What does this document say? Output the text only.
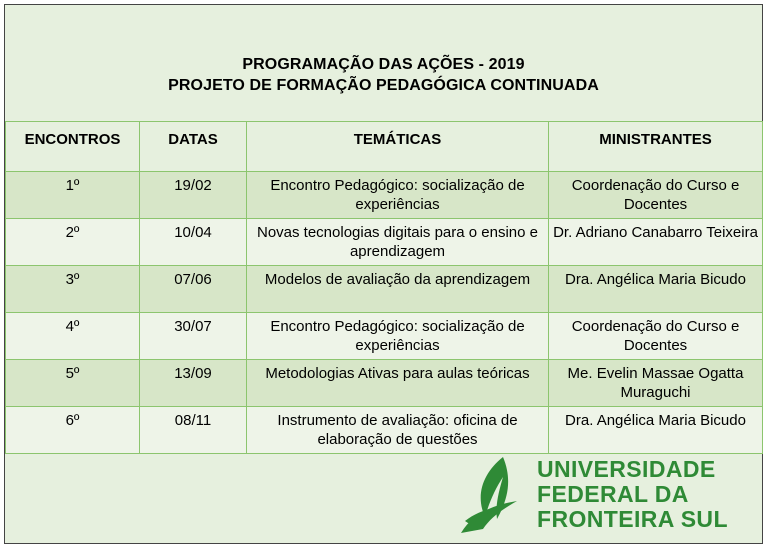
PROGRAMAÇÃO DAS AÇÕES - 2019
PROJETO DE FORMAÇÃO PEDAGÓGICA CONTINUADA
ENCONTROS	DATAS	TEMÁTICAS	MINISTRANTES
1º	19/02	Encontro Pedagógico: socialização de experiências	Coordenação do Curso e Docentes
2º	10/04	Novas tecnologias digitais para o ensino e aprendizagem	Dr. Adriano Canabarro Teixeira
3º	07/06	Modelos de avaliação da aprendizagem	Dra. Angélica Maria Bicudo
4º	30/07	Encontro Pedagógico: socialização de experiências	Coordenação do Curso e Docentes
5º	13/09	Metodologias Ativas para aulas teóricas	Me. Evelin Massae Ogatta Muraguchi
6º	08/11	Instrumento de avaliação: oficina de elaboração de questões	Dra. Angélica Maria Bicudo
UNIVERSIDADE
FEDERAL DA
FRONTEIRA SUL
